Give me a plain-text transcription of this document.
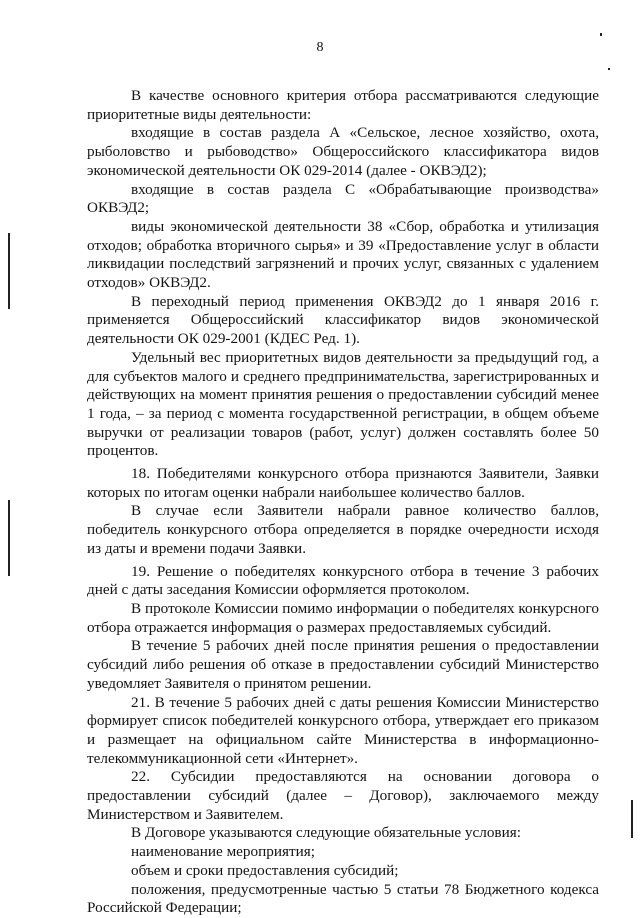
8

В качестве основного критерия отбора рассматриваются следующие приоритетные виды деятельности:

входящие в состав раздела А «Сельское, лесное хозяйство, охота, рыболовство и рыбоводство» Общероссийского классификатора видов экономической деятельности ОК 029-2014 (далее - ОКВЭД2);

входящие в состав раздела С «Обрабатывающие производства» ОКВЭД2;

виды экономической деятельности 38 «Сбор, обработка и утилизация отходов; обработка вторичного сырья» и 39 «Предоставление услуг в области ликвидации последствий загрязнений и прочих услуг, связанных с удалением отходов» ОКВЭД2.

В переходный период применения ОКВЭД2 до 1 января 2016 г. применяется Общероссийский классификатор видов экономической деятельности ОК 029-2001 (КДЕС Ред. 1).

Удельный вес приоритетных видов деятельности за предыдущий год, а для субъектов малого и среднего предпринимательства, зарегистрированных и действующих на момент принятия решения о предоставлении субсидий менее 1 года, – за период с момента государственной регистрации, в общем объеме выручки от реализации товаров (работ, услуг) должен составлять более 50 процентов.

18. Победителями конкурсного отбора признаются Заявители, Заявки которых по итогам оценки набрали наибольшее количество баллов.

В случае если Заявители набрали равное количество баллов, победитель конкурсного отбора определяется в порядке очередности исходя из даты и времени подачи Заявки.

19. Решение о победителях конкурсного отбора в течение 3 рабочих дней с даты заседания Комиссии оформляется протоколом.

В протоколе Комиссии помимо информации о победителях конкурсного отбора отражается информация о размерах предоставляемых субсидий.

В течение 5 рабочих дней после принятия решения о предоставлении субсидий либо решения об отказе в предоставлении субсидий Министерство уведомляет Заявителя о принятом решении.

21. В течение 5 рабочих дней с даты решения Комиссии Министерство формирует список победителей конкурсного отбора, утверждает его приказом и размещает на официальном сайте Министерства в информационно-телекоммуникационной сети «Интернет».

22. Субсидии предоставляются на основании договора о предоставлении субсидий (далее – Договор), заключаемого между Министерством и Заявителем.

В Договоре указываются следующие обязательные условия:

наименование мероприятия;

объем и сроки предоставления субсидий;

положения, предусмотренные частью 5 статьи 78 Бюджетного кодекса Российской Федерации;
